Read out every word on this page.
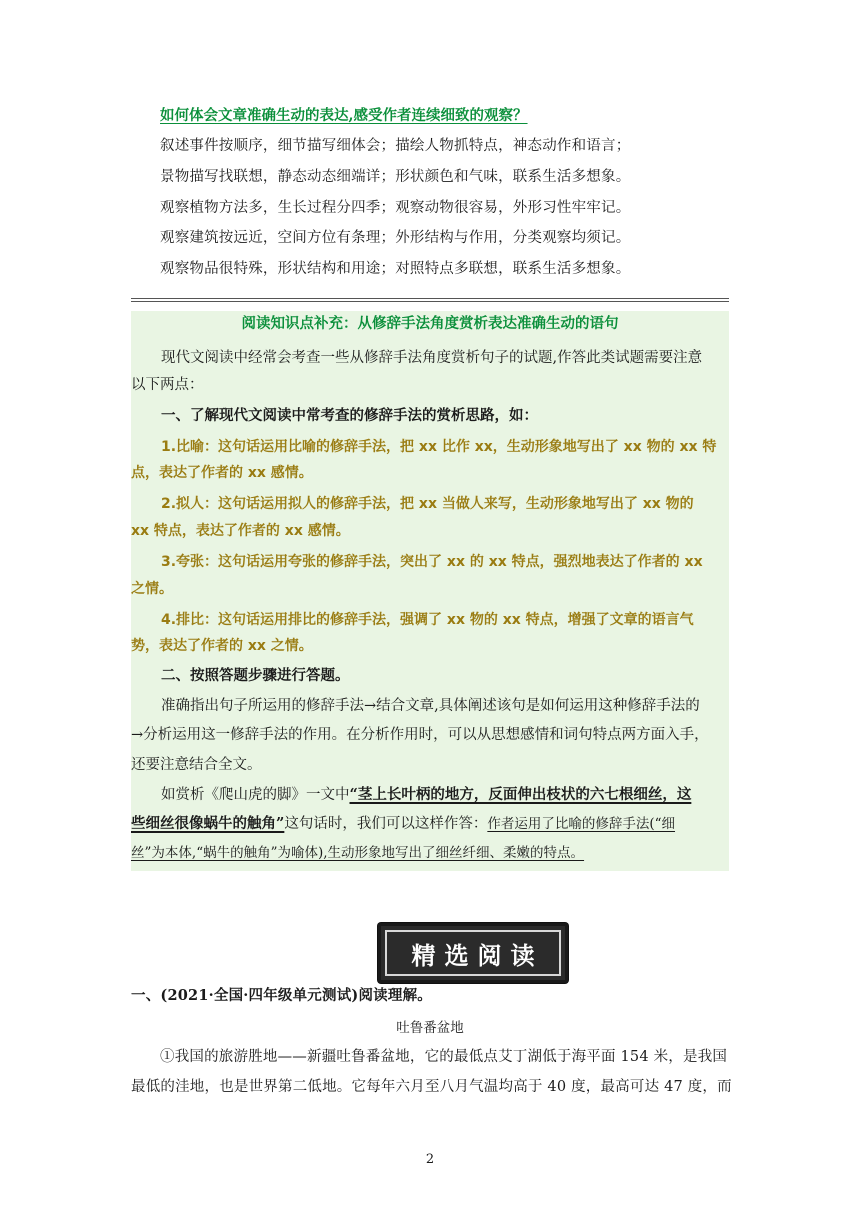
如何体会文章准确生动的表达,感受作者连续细致的观察？
叙述事件按顺序，细节描写细体会；描绘人物抓特点，神态动作和语言；
景物描写找联想，静态动态细端详；形状颜色和气味，联系生活多想象。
观察植物方法多，生长过程分四季；观察动物很容易，外形习性牢牢记。
观察建筑按远近，空间方位有条理；外形结构与作用，分类观察均须记。
观察物品很特殊，形状结构和用途；对照特点多联想，联系生活多想象。
阅读知识点补充：从修辞手法角度赏析表达准确生动的语句
现代文阅读中经常会考查一些从修辞手法角度赏析句子的试题,作答此类试题需要注意
以下两点：
一、了解现代文阅读中常考查的修辞手法的赏析思路，如：
1.比喻：这句话运用比喻的修辞手法，把 xx 比作 xx，生动形象地写出了 xx 物的 xx 特
点，表达了作者的 xx 感情。
2.拟人：这句话运用拟人的修辞手法，把 xx 当做人来写，生动形象地写出了 xx 物的
xx 特点，表达了作者的 xx 感情。
3.夸张：这句话运用夸张的修辞手法，突出了 xx 的 xx 特点，强烈地表达了作者的 xx
之情。
4.排比：这句话运用排比的修辞手法，强调了 xx 物的 xx 特点，增强了文章的语言气
势，表达了作者的 xx 之情。
二、按照答题步骤进行答题。
准确指出句子所运用的修辞手法→结合文章,具体阐述该句是如何运用这种修辞手法的
→分析运用这一修辞手法的作用。在分析作用时，可以从思想感情和词句特点两方面入手，
还要注意结合全文。
如赏析《爬山虎的脚》一文中“茎上长叶柄的地方，反面伸出枝状的六七根细丝，这
些细丝很像蜗牛的触角”这句话时，我们可以这样作答：作者运用了比喻的修辞手法(“细
丝”为本体,“蜗牛的触角”为喻体),生动形象地写出了细丝纤细、柔嫩的特点。
精选阅读
一、(2021·全国·四年级单元测试)阅读理解。
吐鲁番盆地
①我国的旅游胜地——新疆吐鲁番盆地，它的最低点艾丁湖低于海平面 154 米，是我国
最低的洼地，也是世界第二低地。它每年六月至八月气温均高于 40 度，最高可达 47 度，而
2
